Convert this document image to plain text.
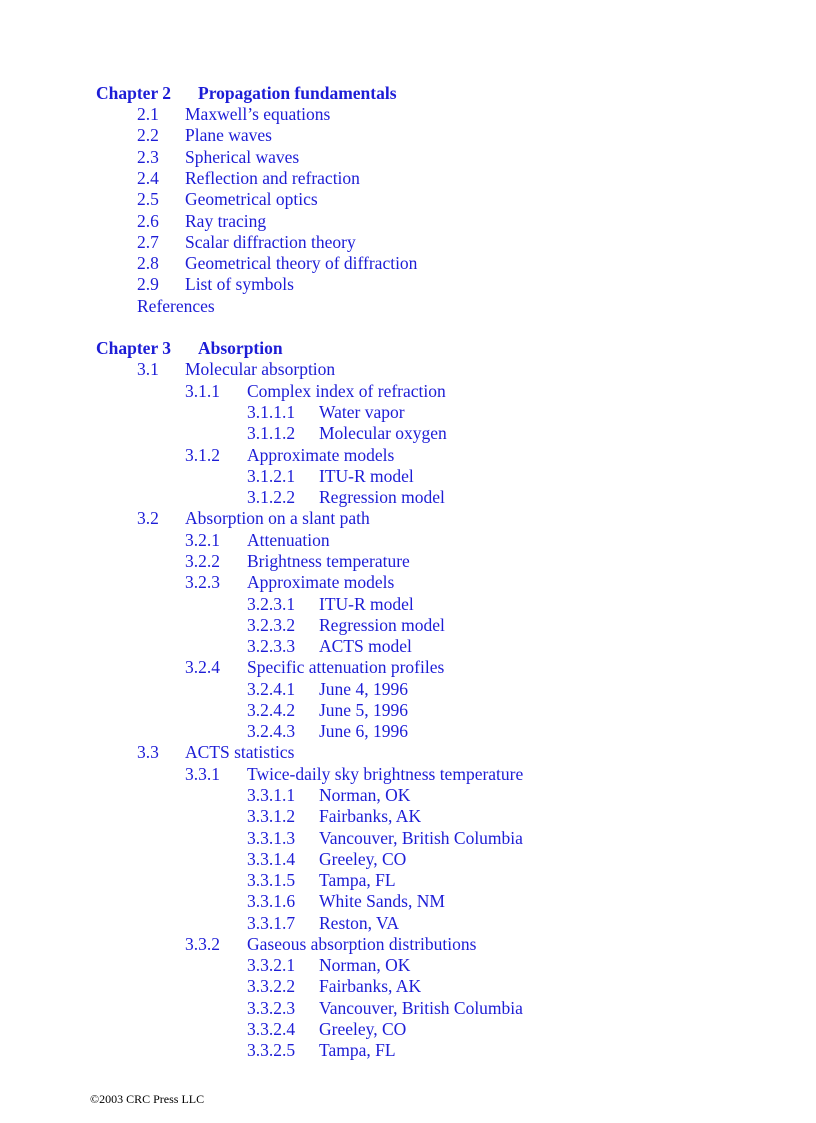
Chapter 2 Propagation fundamentals
2.1 Maxwell’s equations
2.2 Plane waves
2.3 Spherical waves
2.4 Reflection and refraction
2.5 Geometrical optics
2.6 Ray tracing
2.7 Scalar diffraction theory
2.8 Geometrical theory of diffraction
2.9 List of symbols
References
Chapter 3 Absorption
3.1 Molecular absorption
3.1.1 Complex index of refraction
3.1.1.1 Water vapor
3.1.1.2 Molecular oxygen
3.1.2 Approximate models
3.1.2.1 ITU-R model
3.1.2.2 Regression model
3.2 Absorption on a slant path
3.2.1 Attenuation
3.2.2 Brightness temperature
3.2.3 Approximate models
3.2.3.1 ITU-R model
3.2.3.2 Regression model
3.2.3.3 ACTS model
3.2.4 Specific attenuation profiles
3.2.4.1 June 4, 1996
3.2.4.2 June 5, 1996
3.2.4.3 June 6, 1996
3.3 ACTS statistics
3.3.1 Twice-daily sky brightness temperature
3.3.1.1 Norman, OK
3.3.1.2 Fairbanks, AK
3.3.1.3 Vancouver, British Columbia
3.3.1.4 Greeley, CO
3.3.1.5 Tampa, FL
3.3.1.6 White Sands, NM
3.3.1.7 Reston, VA
3.3.2 Gaseous absorption distributions
3.3.2.1 Norman, OK
3.3.2.2 Fairbanks, AK
3.3.2.3 Vancouver, British Columbia
3.3.2.4 Greeley, CO
3.3.2.5 Tampa, FL
©2003 CRC Press LLC
